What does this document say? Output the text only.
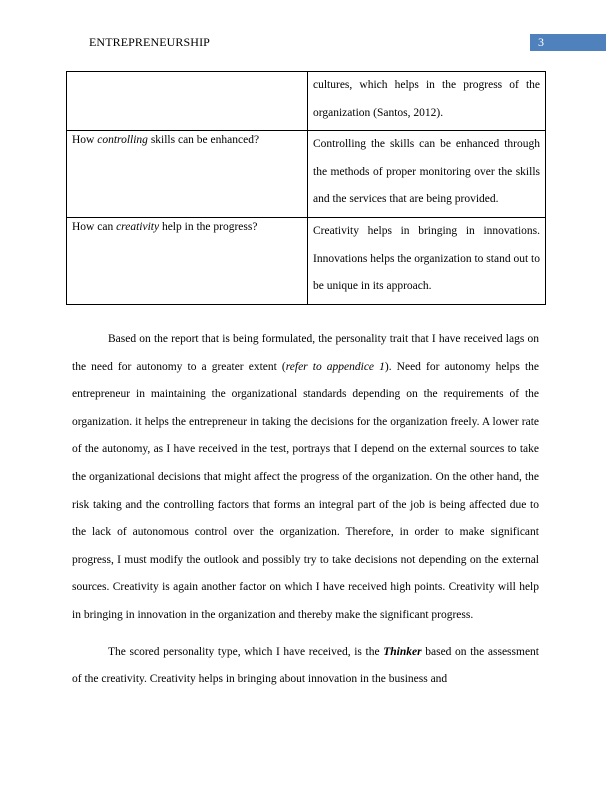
ENTREPRENEURSHIP	3
	cultures, which helps in the progress of the organization (Santos, 2012).
How controlling skills can be enhanced?	Controlling the skills can be enhanced through the methods of proper monitoring over the skills and the services that are being provided.
How can creativity help in the progress?	Creativity helps in bringing in innovations. Innovations helps the organization to stand out to be unique in its approach.

Based on the report that is being formulated, the personality trait that I have received lags on the need for autonomy to a greater extent (refer to appendice 1). Need for autonomy helps the entrepreneur in maintaining the organizational standards depending on the requirements of the organization. it helps the entrepreneur in taking the decisions for the organization freely. A lower rate of the autonomy, as I have received in the test, portrays that I depend on the external sources to take the organizational decisions that might affect the progress of the organization. On the other hand, the risk taking and the controlling factors that forms an integral part of the job is being affected due to the lack of autonomous control over the organization. Therefore, in order to make significant progress, I must modify the outlook and possibly try to take decisions not depending on the external sources. Creativity is again another factor on which I have received high points. Creativity will help in bringing in innovation in the organization and thereby make the significant progress.

The scored personality type, which I have received, is the Thinker based on the assessment of the creativity. Creativity helps in bringing about innovation in the business and
